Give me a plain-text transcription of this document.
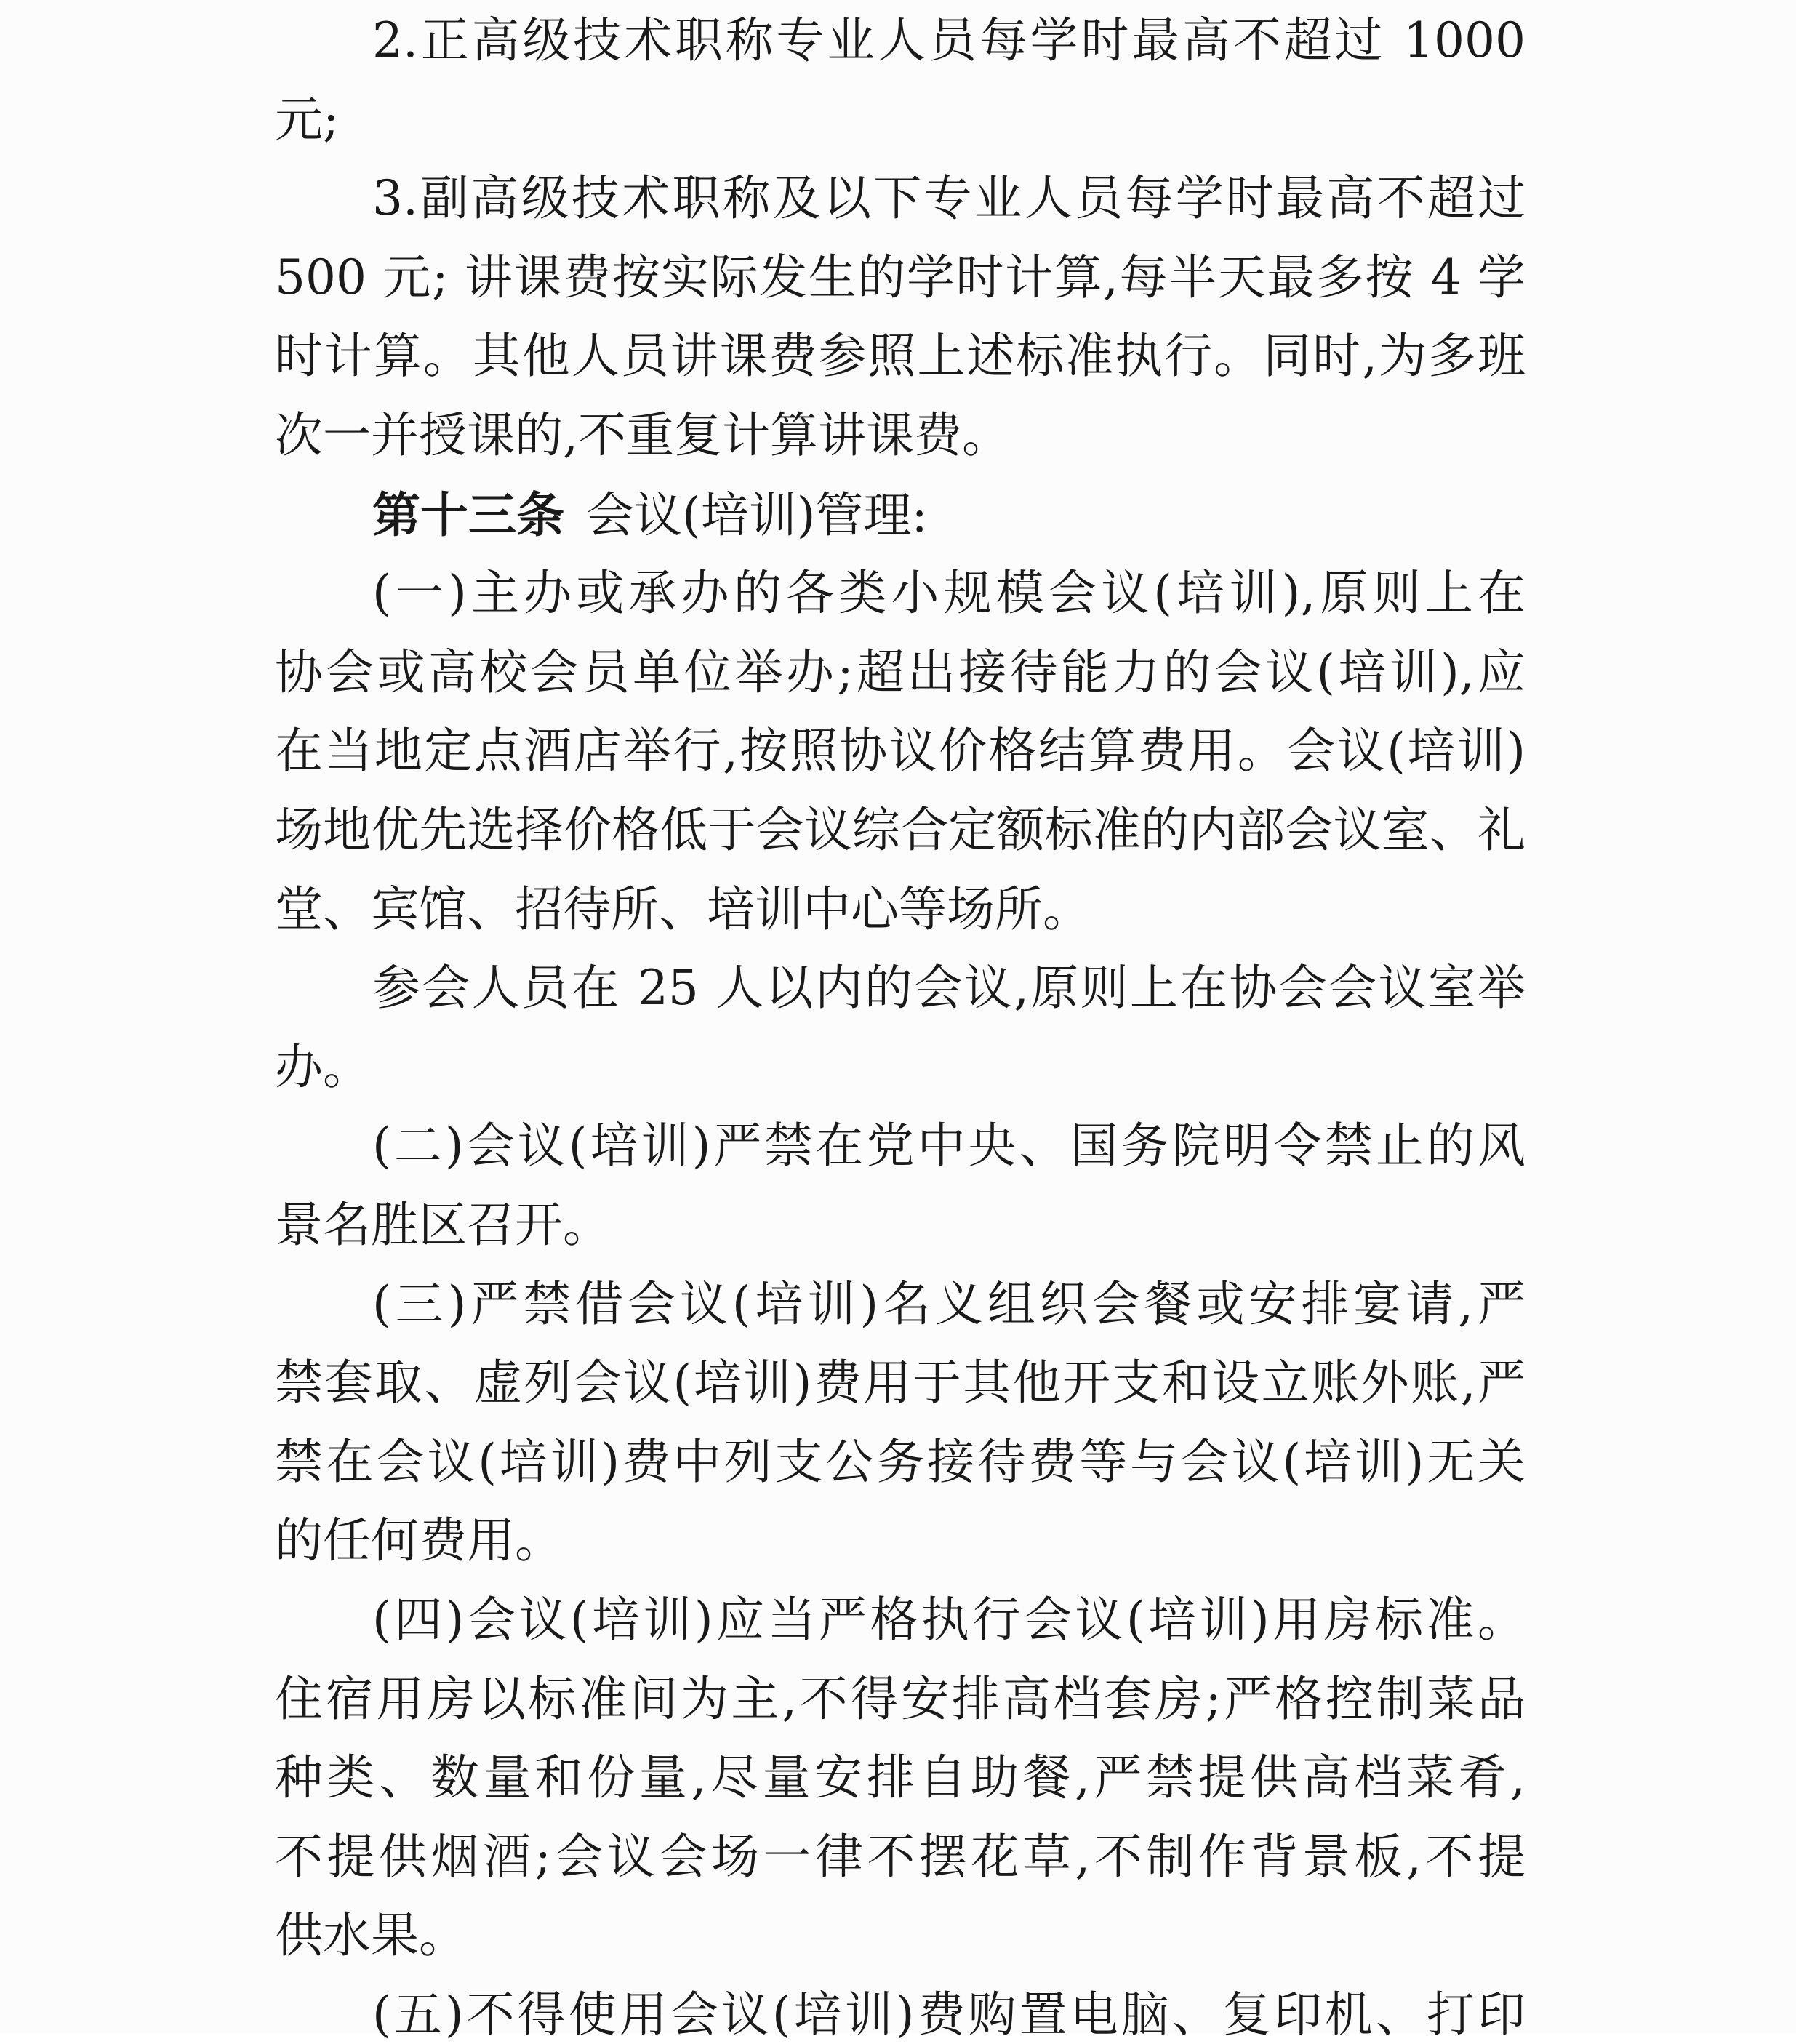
2.正高级技术职称专业人员每学时最高不超过 1000
元;
3.副高级技术职称及以下专业人员每学时最高不超过
500 元; 讲课费按实际发生的学时计算,每半天最多按 4 学
时计算。其他人员讲课费参照上述标准执行。同时,为多班
次一并授课的,不重复计算讲课费。
第十三条 会议(培训)管理:
(一)主办或承办的各类小规模会议(培训),原则上在
协会或高校会员单位举办;超出接待能力的会议(培训),应
在当地定点酒店举行,按照协议价格结算费用。会议(培训)
场地优先选择价格低于会议综合定额标准的内部会议室、礼
堂、宾馆、招待所、培训中心等场所。
参会人员在 25 人以内的会议,原则上在协会会议室举
办。
(二)会议(培训)严禁在党中央、国务院明令禁止的风
景名胜区召开。
(三)严禁借会议(培训)名义组织会餐或安排宴请,严
禁套取、虚列会议(培训)费用于其他开支和设立账外账,严
禁在会议(培训)费中列支公务接待费等与会议(培训)无关
的任何费用。
(四)会议(培训)应当严格执行会议(培训)用房标准。
住宿用房以标准间为主,不得安排高档套房;严格控制菜品
种类、数量和份量,尽量安排自助餐,严禁提供高档菜肴,
不提供烟酒;会议会场一律不摆花草,不制作背景板,不提
供水果。
(五)不得使用会议(培训)费购置电脑、复印机、打印
